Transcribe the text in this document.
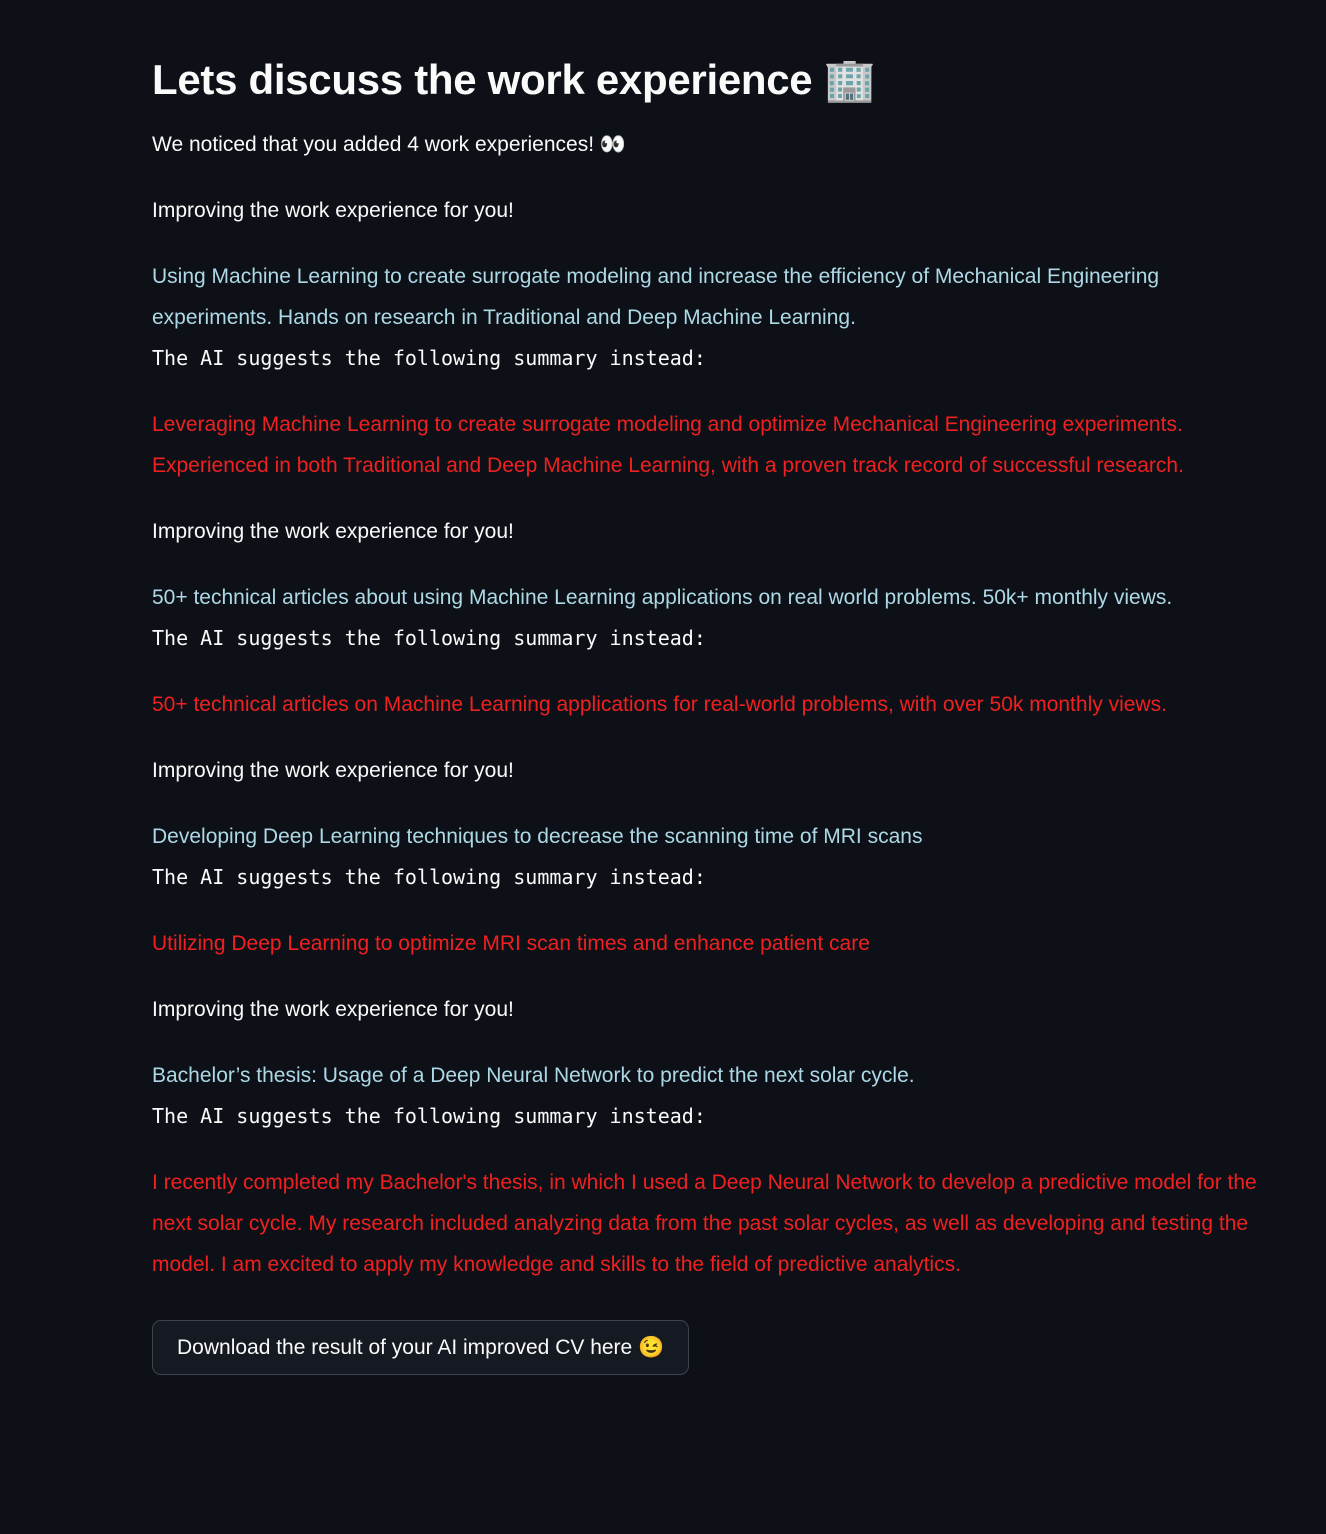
Lets discuss the work experience 🏢

We noticed that you added 4 work experiences! 👀

Improving the work experience for you!

Using Machine Learning to create surrogate modeling and increase the efficiency of Mechanical Engineering experiments. Hands on research in Traditional and Deep Machine Learning.

The AI suggests the following summary instead:

Leveraging Machine Learning to create surrogate modeling and optimize Mechanical Engineering experiments. Experienced in both Traditional and Deep Machine Learning, with a proven track record of successful research.

Improving the work experience for you!

50+ technical articles about using Machine Learning applications on real world problems. 50k+ monthly views.

The AI suggests the following summary instead:

50+ technical articles on Machine Learning applications for real-world problems, with over 50k monthly views.

Improving the work experience for you!

Developing Deep Learning techniques to decrease the scanning time of MRI scans

The AI suggests the following summary instead:

Utilizing Deep Learning to optimize MRI scan times and enhance patient care

Improving the work experience for you!

Bachelor’s thesis: Usage of a Deep Neural Network to predict the next solar cycle.

The AI suggests the following summary instead:

I recently completed my Bachelor's thesis, in which I used a Deep Neural Network to develop a predictive model for the next solar cycle. My research included analyzing data from the past solar cycles, as well as developing and testing the model. I am excited to apply my knowledge and skills to the field of predictive analytics.

Download the result of your AI improved CV here 😉
